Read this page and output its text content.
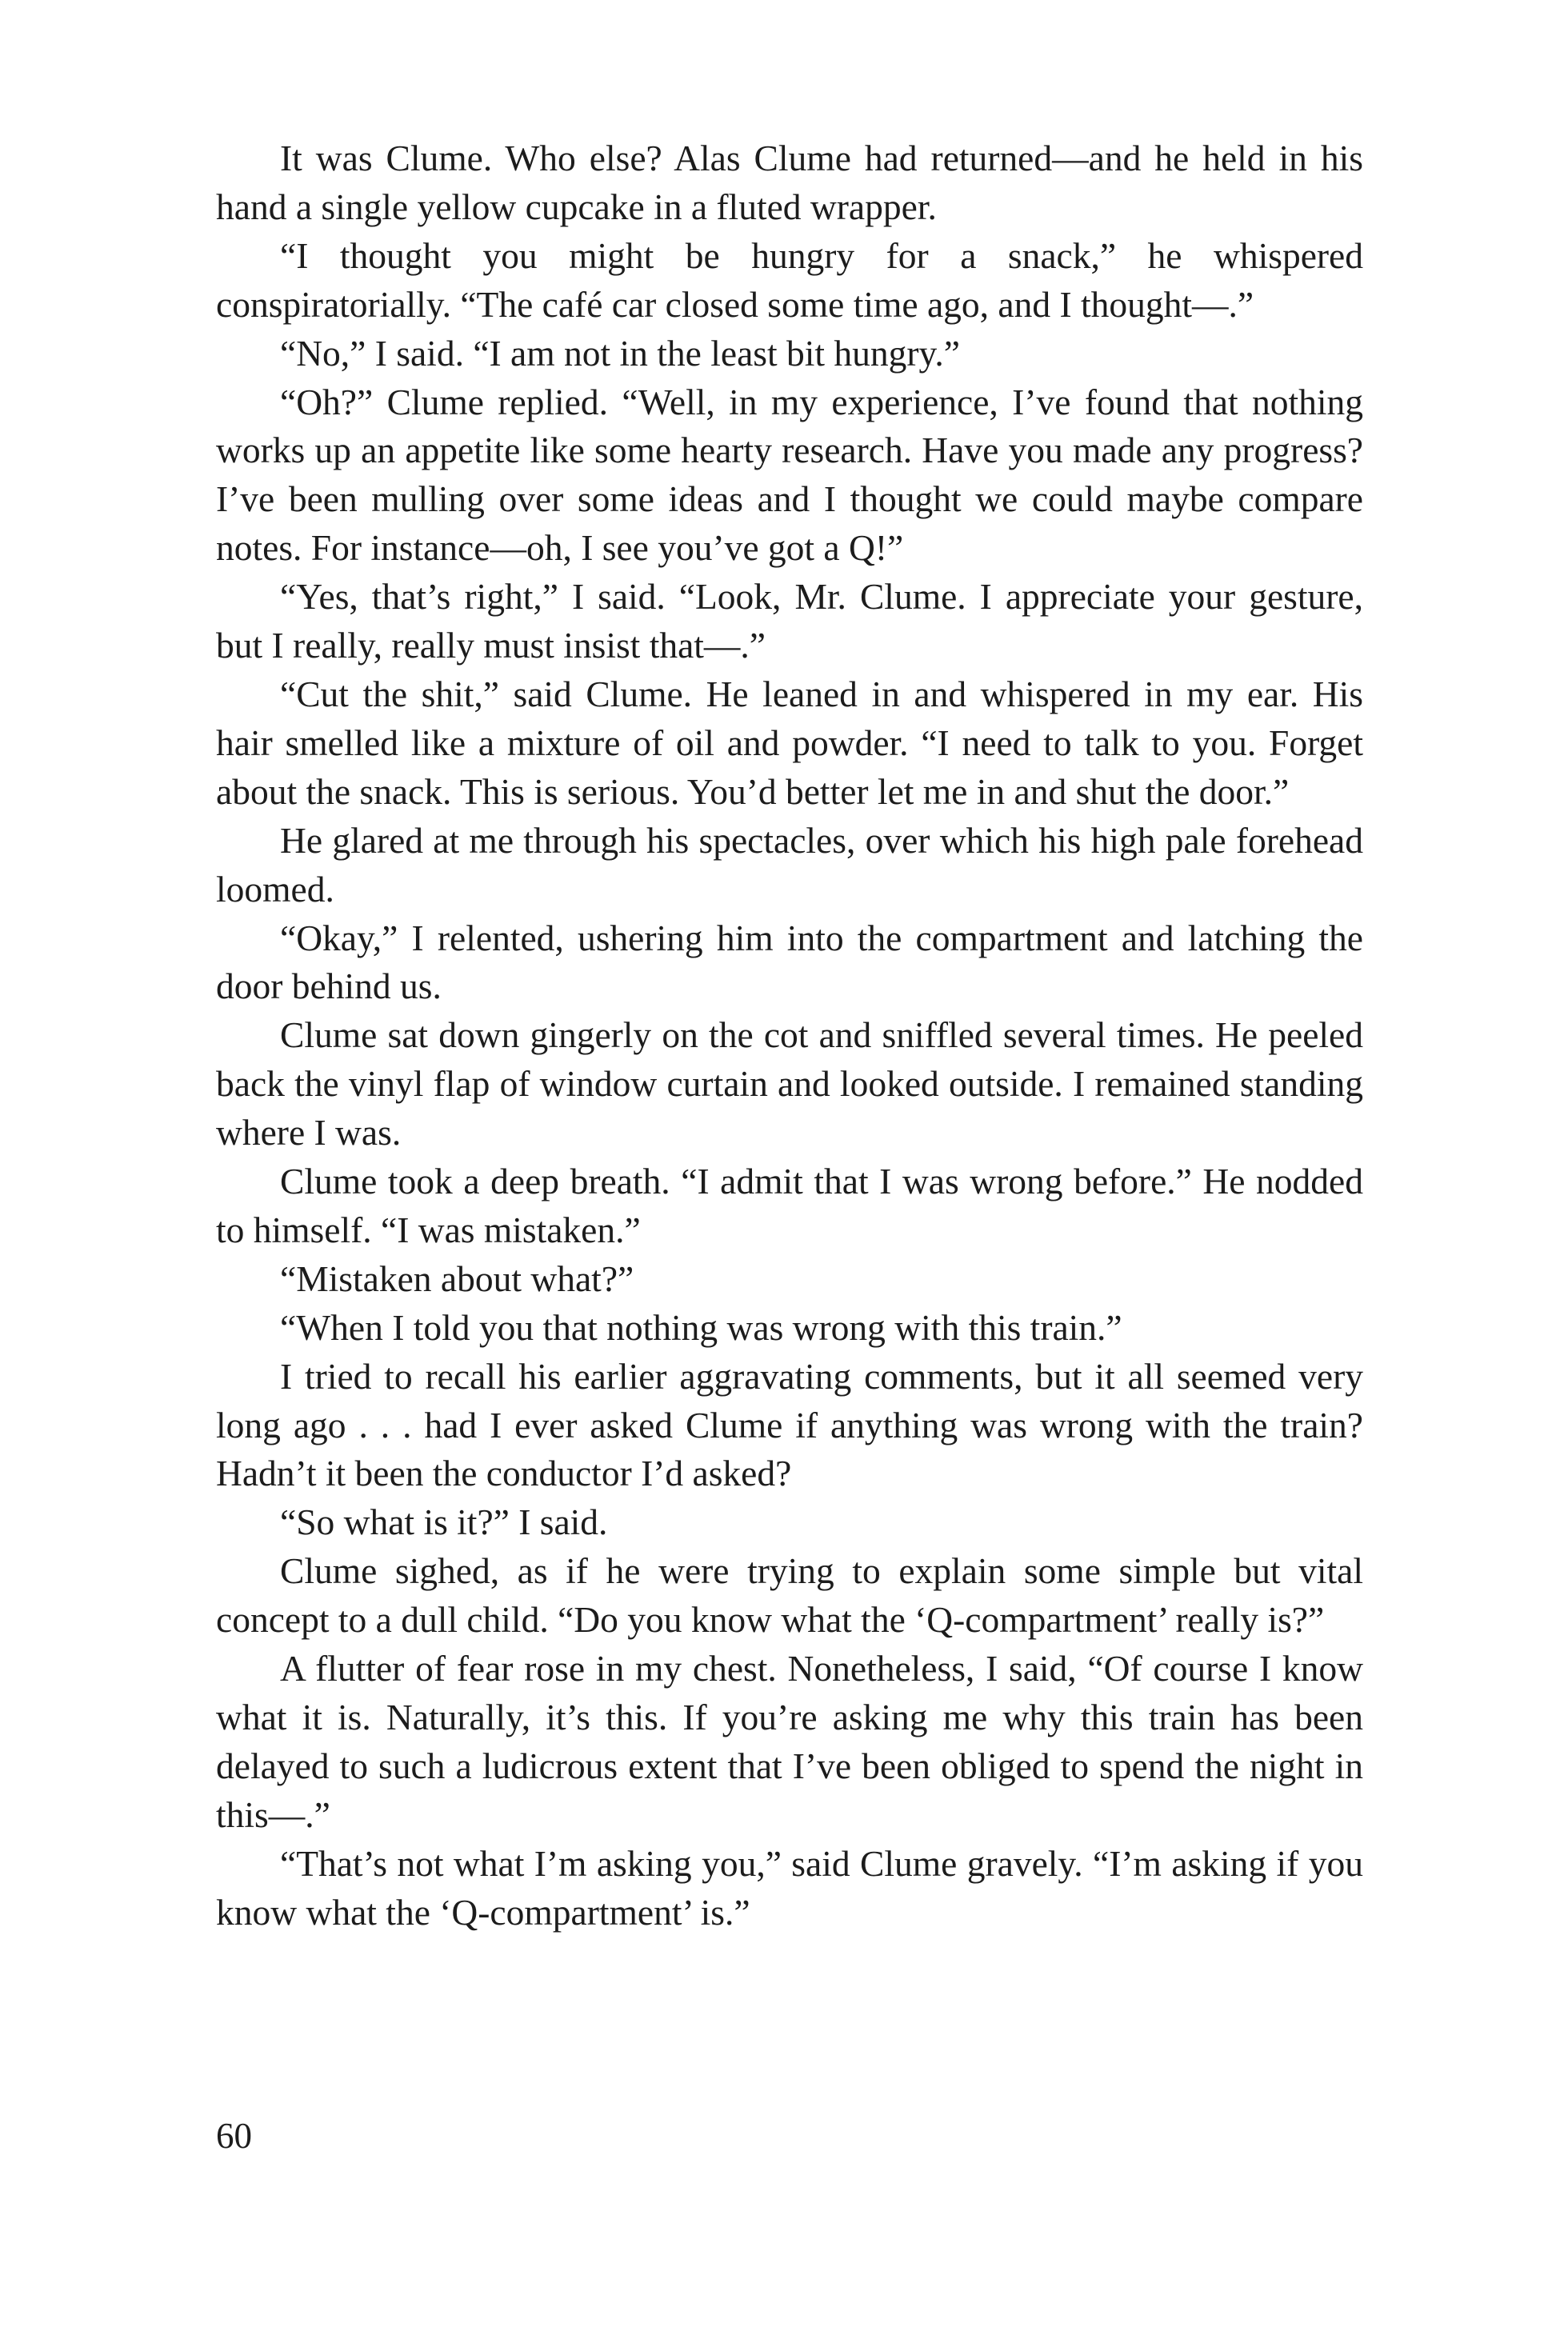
It was Clume. Who else? Alas Clume had returned—and he held in his hand a single yellow cupcake in a fluted wrapper.

“I thought you might be hungry for a snack,” he whispered conspiratorially. “The café car closed some time ago, and I thought—.”

“No,” I said. “I am not in the least bit hungry.”

“Oh?” Clume replied. “Well, in my experience, I’ve found that nothing works up an appetite like some hearty research. Have you made any progress? I’ve been mulling over some ideas and I thought we could maybe compare notes. For instance—oh, I see you’ve got a Q!”

“Yes, that’s right,” I said. “Look, Mr. Clume. I appreciate your gesture, but I really, really must insist that—.”

“Cut the shit,” said Clume. He leaned in and whispered in my ear. His hair smelled like a mixture of oil and powder. “I need to talk to you. Forget about the snack. This is serious. You’d better let me in and shut the door.”

He glared at me through his spectacles, over which his high pale forehead loomed.

“Okay,” I relented, ushering him into the compartment and latching the door behind us.

Clume sat down gingerly on the cot and sniffled several times. He peeled back the vinyl flap of window curtain and looked outside. I remained standing where I was.

Clume took a deep breath. “I admit that I was wrong before.” He nodded to himself. “I was mistaken.”

“Mistaken about what?”

“When I told you that nothing was wrong with this train.”

I tried to recall his earlier aggravating comments, but it all seemed very long ago . . . had I ever asked Clume if anything was wrong with the train? Hadn’t it been the conductor I’d asked?

“So what is it?” I said.

Clume sighed, as if he were trying to explain some simple but vital concept to a dull child. “Do you know what the ‘Q-compartment’ really is?”

A flutter of fear rose in my chest. Nonetheless, I said, “Of course I know what it is. Naturally, it’s this. If you’re asking me why this train has been delayed to such a ludicrous extent that I’ve been obliged to spend the night in this—.”

“That’s not what I’m asking you,” said Clume gravely. “I’m asking if you know what the ‘Q-compartment’ is.”

60
